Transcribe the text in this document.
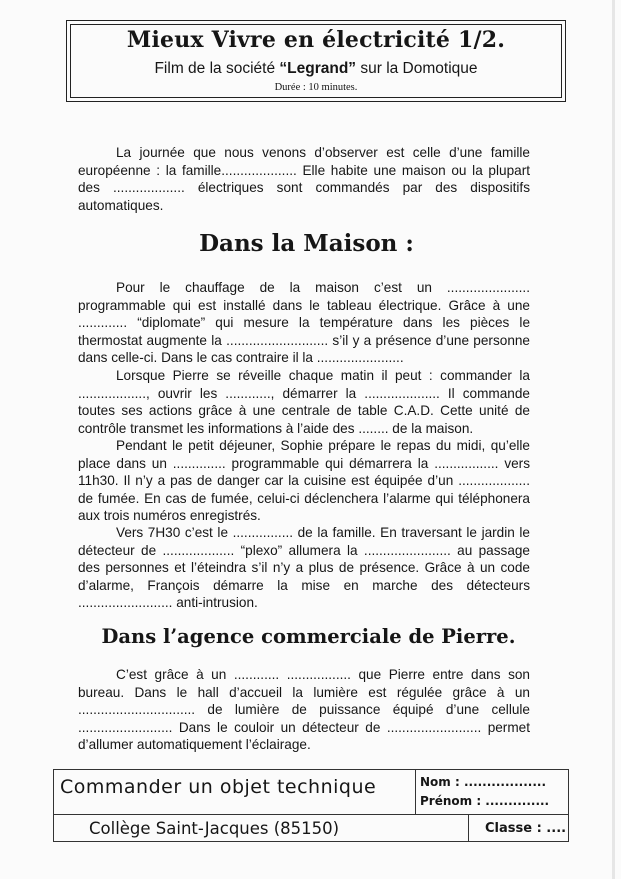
Mieux Vivre en électricité 1/2.
Film de la société “Legrand” sur la Domotique
Durée : 10 minutes.
La journée que nous venons d’observer est celle d’une famille européenne : la famille.................... Elle habite une maison ou la plupart des ................... électriques sont commandés par des dispositifs automatiques.
Dans la Maison :
Pour le chauffage de la maison c’est un ...................... programmable qui est installé dans le tableau électrique. Grâce à une ............. “diplomate” qui mesure la température dans les pièces le thermostat augmente la ........................... s’il y a présence d’une personne dans celle-ci. Dans le cas contraire il la .......................
Lorsque Pierre se réveille chaque matin il peut : commander la .................., ouvrir les ............, démarrer la .................... Il commande toutes ses actions grâce à une centrale de table C.A.D. Cette unité de contrôle transmet les informations à l’aide des ........ de la maison.
Pendant le petit déjeuner, Sophie prépare le repas du midi, qu’elle place dans un .............. programmable qui démarrera la ................. vers 11h30. Il n’y a pas de danger car la cuisine est équipée d’un ................... de fumée. En cas de fumée, celui-ci déclenchera l’alarme qui téléphonera aux trois numéros enregistrés.
Vers 7H30 c’est le ................ de la famille. En traversant le jardin le détecteur de ................... “plexo” allumera la ....................... au passage des personnes et l’éteindra s’il n’y a plus de présence. Grâce à un code d’alarme, François démarre la mise en marche des détecteurs ......................... anti-intrusion.
Dans l’agence commerciale de Pierre.
C’est grâce à un ............ ................. que Pierre entre dans son bureau. Dans le hall d’accueil la lumière est régulée grâce à un ............................... de lumière de puissance équipé d’une cellule ......................... Dans le couloir un détecteur de ......................... permet d’allumer automatiquement l’éclairage.
Commander un objet technique	Nom : ..................
Prénom : ..............
Collège Saint-Jacques (85150)	Classe : ....
